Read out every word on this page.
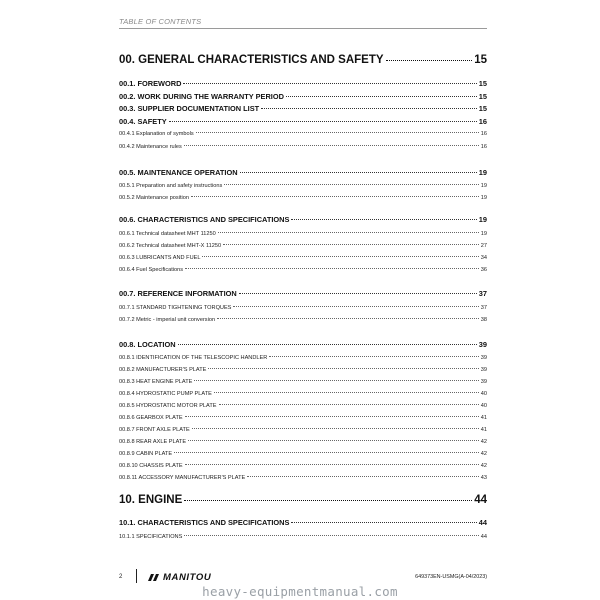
TABLE OF CONTENTS
00. GENERAL CHARACTERISTICS AND SAFETY	15
00.1. FOREWORD	15
00.2. WORK DURING THE WARRANTY PERIOD	15
00.3. SUPPLIER DOCUMENTATION LIST	15
00.4. SAFETY	16
00.4.1 Explanation of symbols	16
00.4.2 Maintenance rules	16
00.5. MAINTENANCE OPERATION	19
00.5.1 Preparation and safety instructions	19
00.5.2 Maintenance position	19
00.6. CHARACTERISTICS AND SPECIFICATIONS	19
00.6.1 Technical datasheet MHT 11250	19
00.6.2 Technical datasheet MHT-X 11250	27
00.6.3 LUBRICANTS AND FUEL	34
00.6.4 Fuel Specifications	36
00.7. REFERENCE INFORMATION	37
00.7.1 STANDARD TIGHTENING TORQUES	37
00.7.2 Metric - imperial unit conversion	38
00.8. LOCATION	39
00.8.1 IDENTIFICATION OF THE TELESCOPIC HANDLER	39
00.8.2 MANUFACTURER'S PLATE	39
00.8.3 HEAT ENGINE PLATE	39
00.8.4 HYDROSTATIC PUMP PLATE	40
00.8.5 HYDROSTATIC MOTOR PLATE	40
00.8.6 GEARBOX PLATE	41
00.8.7 FRONT AXLE PLATE	41
00.8.8 REAR AXLE PLATE	42
00.8.9 CABIN PLATE	42
00.8.10 CHASSIS PLATE	42
00.8.11 ACCESSORY MANUFACTURER'S PLATE	43
10. ENGINE	44
10.1. CHARACTERISTICS AND SPECIFICATIONS	44
10.1.1 SPECIFICATIONS	44
2	MANITOU	649373EN-USMG(A-04/2023)
heavy-equipmentmanual.com
